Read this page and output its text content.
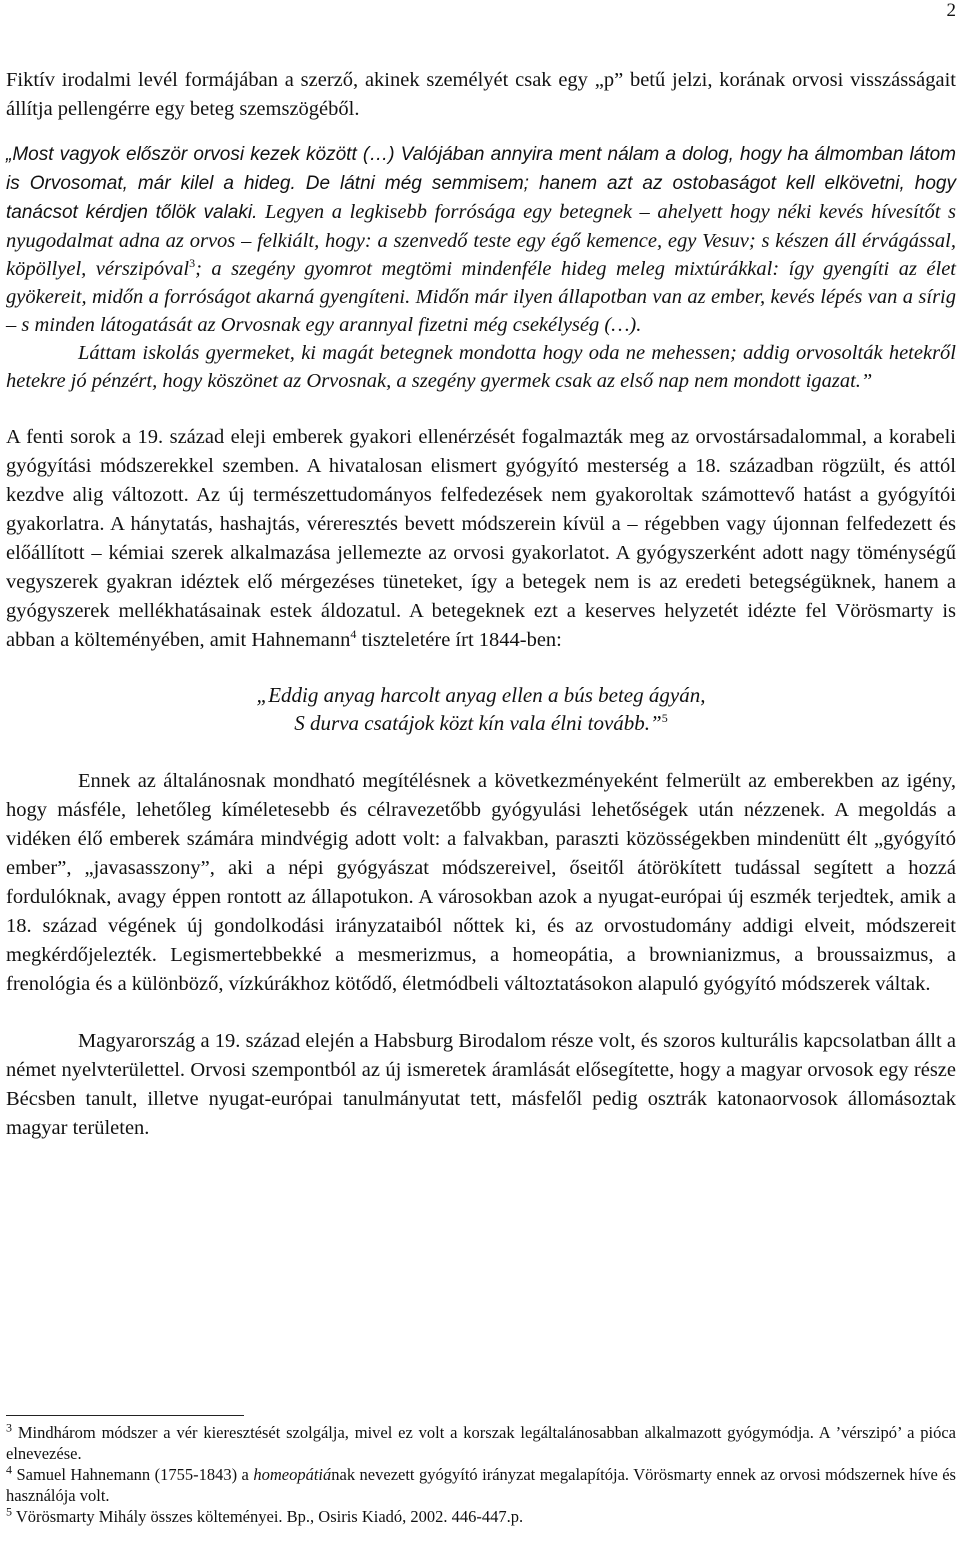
2

Fiktív irodalmi levél formájában a szerző, akinek személyét csak egy „p” betű jelzi, korának orvosi visszásságait állítja pellengérre egy beteg szemszögéből.

„Most vagyok először orvosi kezek között (…) Valójában annyira ment nálam a dolog, hogy ha álmomban látom is Orvosomat, már kilel a hideg. De látni még semmisem; hanem azt az ostobaságot kell elkövetni, hogy tanácsot kérdjen tőlök valaki. Legyen a legkisebb forrósága egy betegnek – ahelyett hogy néki kevés hívesítőt s nyugodalmat adna az orvos – felkiált, hogy: a szenvedő teste egy égő kemence, egy Vesuv; s készen áll érvágással, köpöllyel, vérszipóval$^3$; a szegény gyomrot megtömi mindenféle hideg meleg mixtúrákkal: így gyengíti az élet gyökereit, midőn a forróságot akarná gyengíteni. Midőn már ilyen állapotban van az ember, kevés lépés van a sírig – s minden látogatását az Orvosnak egy arannyal fizetni még csekélység (…).

Láttam iskolás gyermeket, ki magát betegnek mondotta hogy oda ne mehessen; addig orvosolták hetekről hetekre jó pénzért, hogy köszönet az Orvosnak, a szegény gyermek csak az első nap nem mondott igazat.”

A fenti sorok a 19. század eleji emberek gyakori ellenérzését fogalmazták meg az orvostársadalommal, a korabeli gyógyítási módszerekkel szemben. A hivatalosan elismert gyógyító mesterség a 18. században rögzült, és attól kezdve alig változott. Az új természettudományos felfedezések nem gyakoroltak számottevő hatást a gyógyítói gyakorlatra. A hánytatás, hashajtás, véreresztés bevett módszerein kívül a – régebben vagy újonnan felfedezett és előállított – kémiai szerek alkalmazása jellemezte az orvosi gyakorlatot. A gyógyszerként adott nagy töménységű vegyszerek gyakran idéztek elő mérgezéses tüneteket, így a betegek nem is az eredeti betegségüknek, hanem a gyógyszerek mellékhatásainak estek áldozatul. A betegeknek ezt a keserves helyzetét idézte fel Vörösmarty is abban a költeményében, amit Hahnemann$^4$ tiszteletére írt 1844-ben:

„Eddig anyag harcolt anyag ellen a bús beteg ágyán,
S durva csatájok közt kín vala élni tovább.”$^5$

Ennek az általánosnak mondható megítélésnek a következményeként felmerült az emberekben az igény, hogy másféle, lehetőleg kíméletesebb és célravezetőbb gyógyulási lehetőségek után nézzenek. A megoldás a vidéken élő emberek számára mindvégig adott volt: a falvakban, paraszti közösségekben mindenütt élt „gyógyító ember”, „javasasszony”, aki a népi gyógyászat módszereivel, őseitől átörökített tudással segített a hozzá fordulóknak, avagy éppen rontott az állapotukon. A városokban azok a nyugat-európai új eszmék terjedtek, amik a 18. század végének új gondolkodási irányzataiból nőttek ki, és az orvostudomány addigi elveit, módszereit megkérdőjelezték. Legismertebbekké a mesmerizmus, a homeopátia, a brownianizmus, a broussaizmus, a frenológia és a különböző, vízkúrákhoz kötődő, életmódbeli változtatásokon alapuló gyógyító módszerek váltak.

Magyarország a 19. század elején a Habsburg Birodalom része volt, és szoros kulturális kapcsolatban állt a német nyelvterülettel. Orvosi szempontból az új ismeretek áramlását elősegítette, hogy a magyar orvosok egy része Bécsben tanult, illetve nyugat-európai tanulmányutat tett, másfelől pedig osztrák katonaorvosok állomásoztak magyar területen.

$^3$ Mindhárom módszer a vér kieresztését szolgálja, mivel ez volt a korszak legáltalánosabban alkalmazott gyógymódja. A ’vérszipó’ a pióca elnevezése.

$^4$ Samuel Hahnemann (1755-1843) a homeopátiának nevezett gyógyító irányzat megalapítója. Vörösmarty ennek az orvosi módszernek híve és használója volt.

$^5$ Vörösmarty Mihály összes költeményei. Bp., Osiris Kiadó, 2002. 446-447.p.
